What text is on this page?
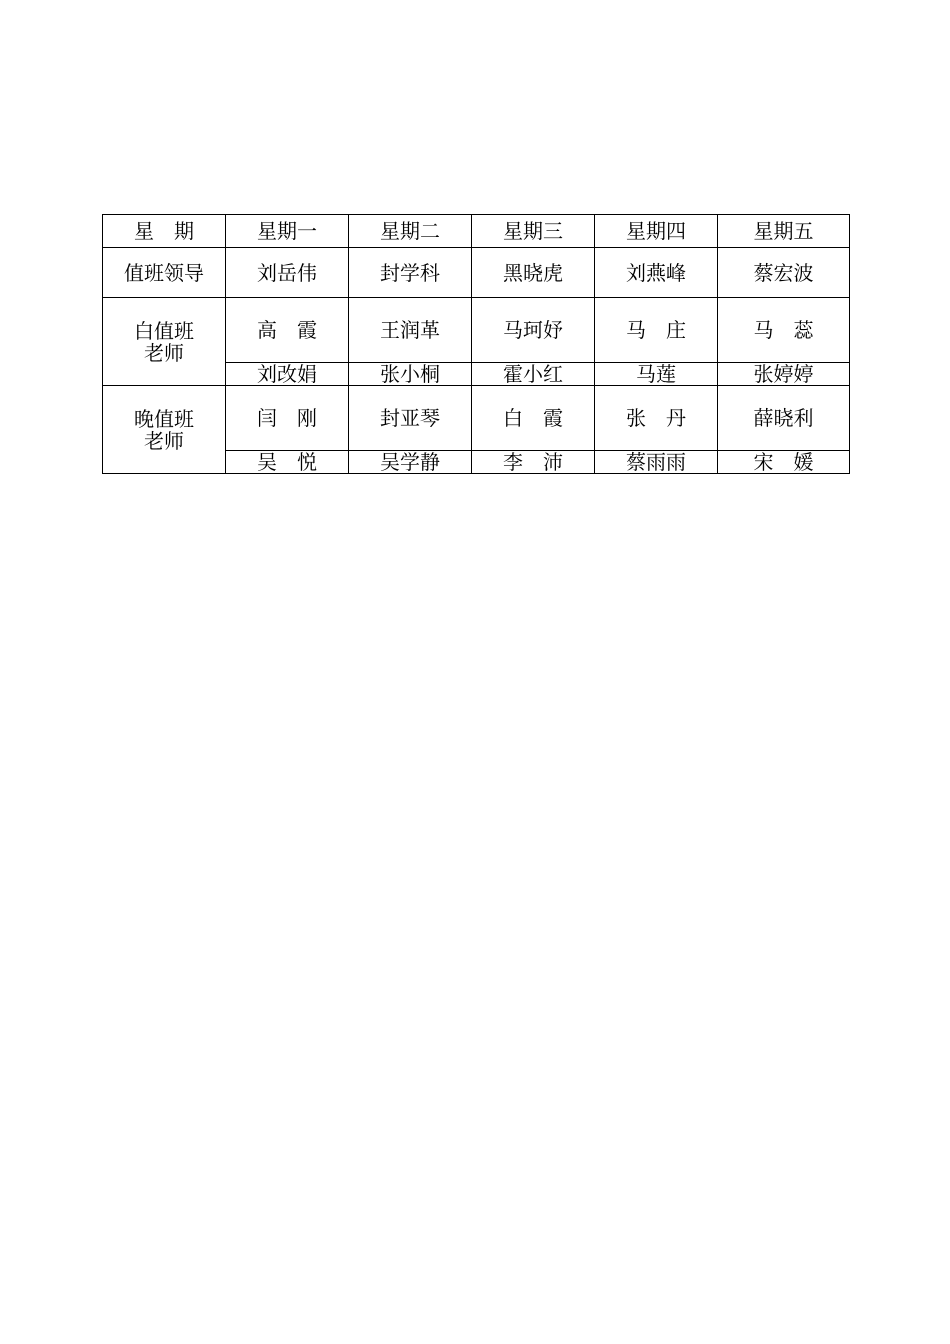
星　期	星期一	星期二	星期三	星期四	星期五
值班领导	刘岳伟	封学科	黑晓虎	刘燕峰	蔡宏波

白值班
老师	高　霞	王润革	马珂妤	马　庄	马　蕊
	刘改娟	张小桐	霍小红	马莲	张婷婷

晚值班
老师	闫　刚	封亚琴	白　霞	张　丹	薛晓利
	吴　悦	吴学静	李　沛	蔡雨雨	宋　媛
